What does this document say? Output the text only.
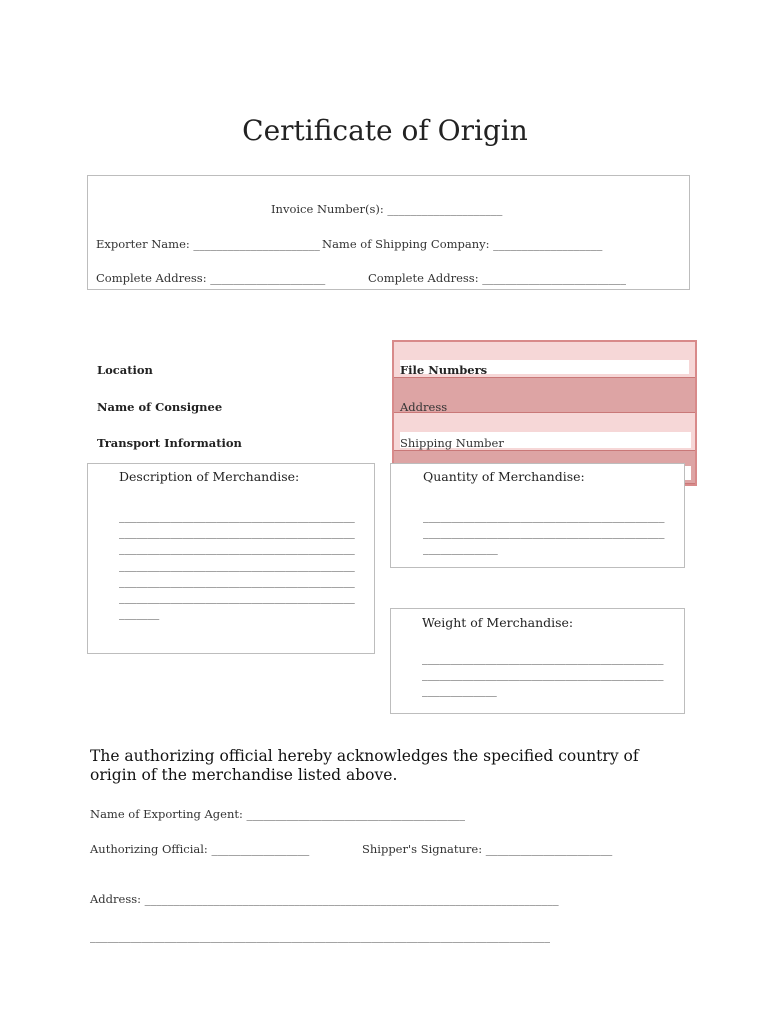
Certificate of Origin
Invoice Number(s): ____________________
Exporter Name: ______________________ Name of Shipping Company: ___________________
Complete Address: ____________________	Complete Address: _________________________
Location
Name of Consignee
Transport Information
File Numbers
Address
Shipping Number
Description of Merchandise:
_________________________________________
_________________________________________
_________________________________________
_________________________________________
_________________________________________
_________________________________________
_______
Quantity of Merchandise:
__________________________________________
__________________________________________
_____________
Weight of Merchandise:
__________________________________________
__________________________________________
_____________
The authorizing official hereby acknowledges the specified country of origin of the merchandise listed above.
Name of Exporting Agent: ______________________________________
Authorizing Official: _________________	Shipper's Signature: ______________________
Address: ________________________________________________________________________
________________________________________________________________________________
